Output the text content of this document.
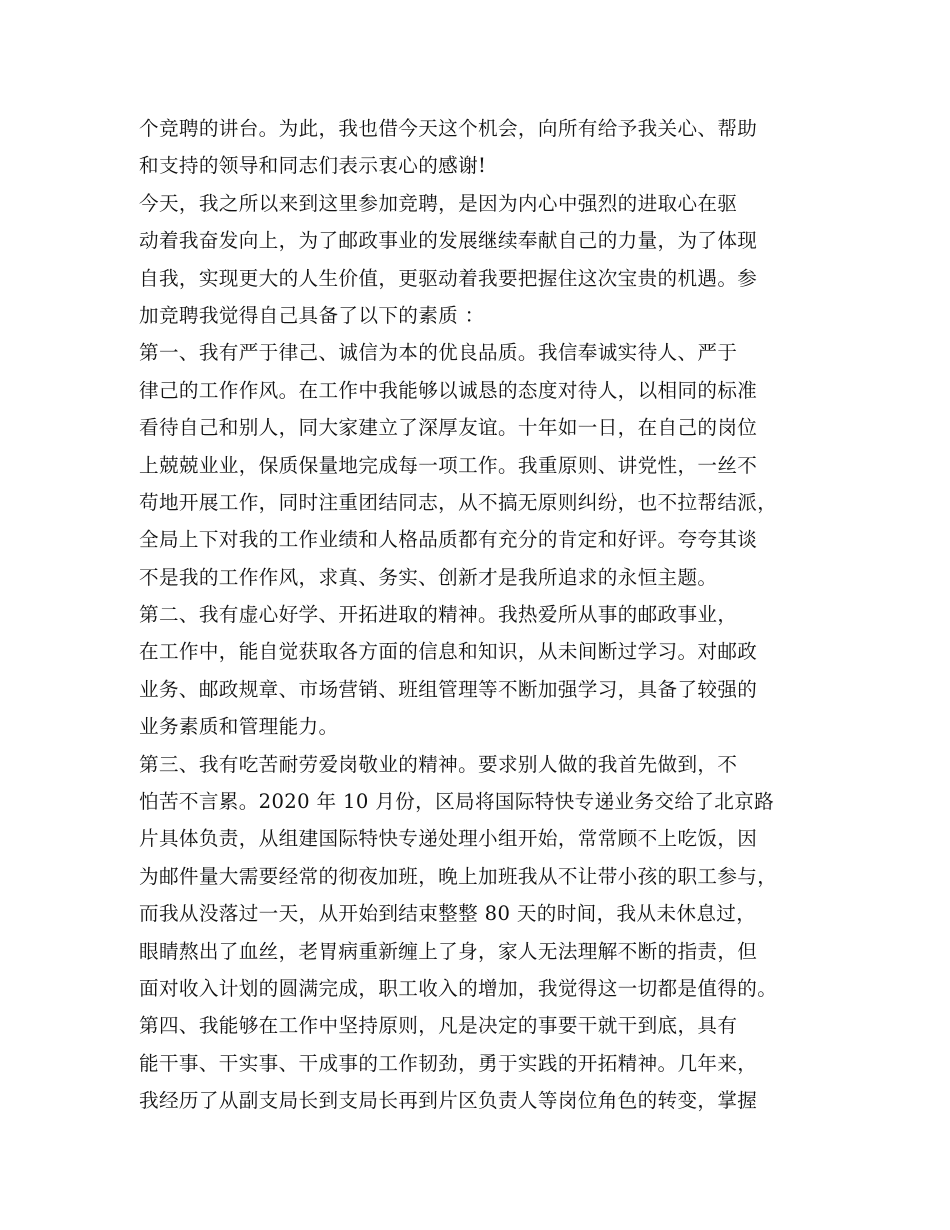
个竞聘的讲台。为此，我也借今天这个机会，向所有给予我关心、帮助
和支持的领导和同志们表示衷心的感谢!
今天，我之所以来到这里参加竞聘，是因为内心中强烈的进取心在驱
动着我奋发向上，为了邮政事业的发展继续奉献自己的力量，为了体现
自我，实现更大的人生价值，更驱动着我要把握住这次宝贵的机遇。参
加竞聘我觉得自己具备了以下的素质 ：
第一、我有严于律己、诚信为本的优良品质。我信奉诚实待人、严于
律己的工作作风。在工作中我能够以诚恳的态度对待人，以相同的标准
看待自己和别人，同大家建立了深厚友谊。十年如一日，在自己的岗位
上兢兢业业，保质保量地完成每一项工作。我重原则、讲党性，一丝不
苟地开展工作，同时注重团结同志，从不搞无原则纠纷，也不拉帮结派，
全局上下对我的工作业绩和人格品质都有充分的肯定和好评。夸夸其谈
不是我的工作作风，求真、务实、创新才是我所追求的永恒主题。
第二、我有虚心好学、开拓进取的精神。我热爱所从事的邮政事业，
在工作中，能自觉获取各方面的信息和知识，从未间断过学习。对邮政
业务、邮政规章、市场营销、班组管理等不断加强学习，具备了较强的
业务素质和管理能力。
第三、我有吃苦耐劳爱岗敬业的精神。要求别人做的我首先做到，不
怕苦不言累。2020 年 10 月份，区局将国际特快专递业务交给了北京路
片具体负责，从组建国际特快专递处理小组开始，常常顾不上吃饭，因
为邮件量大需要经常的彻夜加班，晚上加班我从不让带小孩的职工参与，
而我从没落过一天，从开始到结束整整 80 天的时间，我从未休息过，
眼睛熬出了血丝，老胃病重新缠上了身，家人无法理解不断的指责，但
面对收入计划的圆满完成，职工收入的增加，我觉得这一切都是值得的。
第四、我能够在工作中坚持原则，凡是决定的事要干就干到底，具有
能干事、干实事、干成事的工作韧劲，勇于实践的开拓精神。几年来，
我经历了从副支局长到支局长再到片区负责人等岗位角色的转变，掌握
